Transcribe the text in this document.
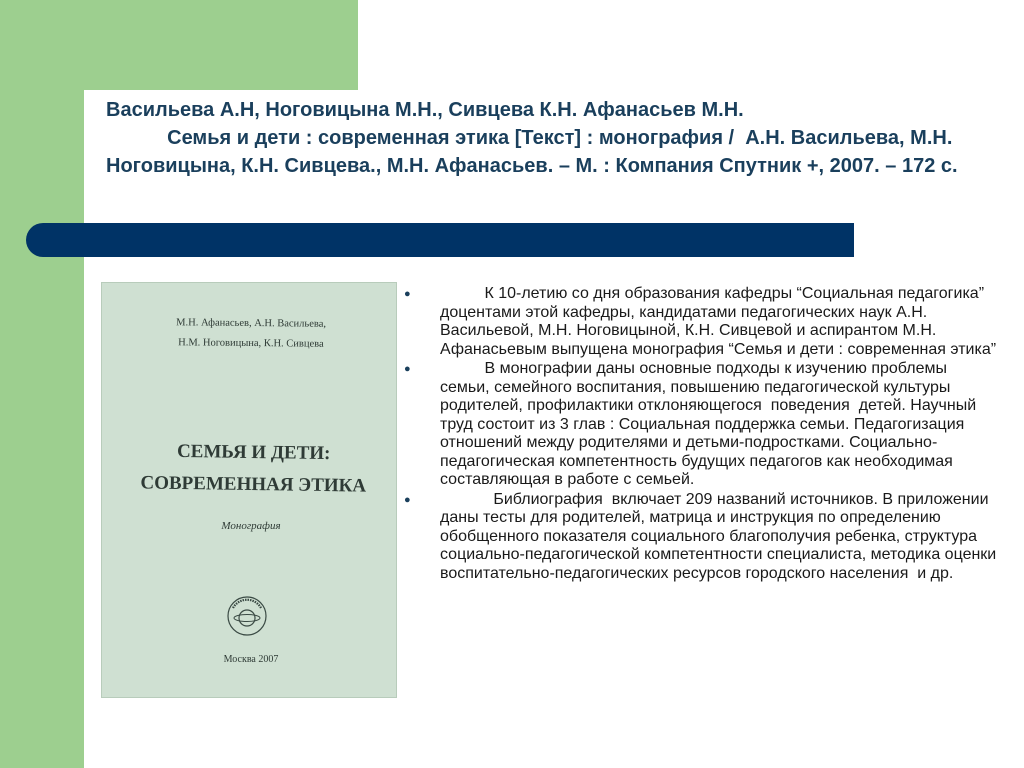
Васильева А.Н, Ноговицына М.Н., Сивцева К.Н. Афанасьев М.Н.
Семья и дети : современная этика [Текст] : монография /  А.Н. Васильева, М.Н. Ноговицына, К.Н. Сивцева., М.Н. Афанасьев. – М. : Компания Спутник +, 2007. – 172 с.
М.Н. Афанасьев, А.Н. Васильева,
Н.М. Ноговицына, К.Н. Сивцева
СЕМЬЯ И ДЕТИ:
СОВРЕМЕННАЯ ЭТИКА
Монография
Москва 2007
● К 10-летию со дня образования кафедры “Социальная педагогика” доцентами этой кафедры, кандидатами педагогических наук А.Н. Васильевой, М.Н. Ноговицыной, К.Н. Сивцевой и аспирантом М.Н. Афанасьевым выпущена монография “Семья и дети : современная этика”
● В монографии даны основные подходы к изучению проблемы семьи, семейного воспитания, повышению педагогической культуры родителей, профилактики отклоняющегося  поведения  детей. Научный труд состоит из 3 глав : Социальная поддержка семьи. Педагогизация отношений между родителями и детьми-подростками. Социально-педагогическая компетентность будущих педагогов как необходимая составляющая в работе с семьей.
● Библиография  включает 209 названий источников. В приложении даны тесты для родителей, матрица и инструкция по определению обобщенного показателя социального благополучия ребенка, структура социально-педагогической компетентности специалиста, методика оценки воспитательно-педагогических ресурсов городского населения  и др.
